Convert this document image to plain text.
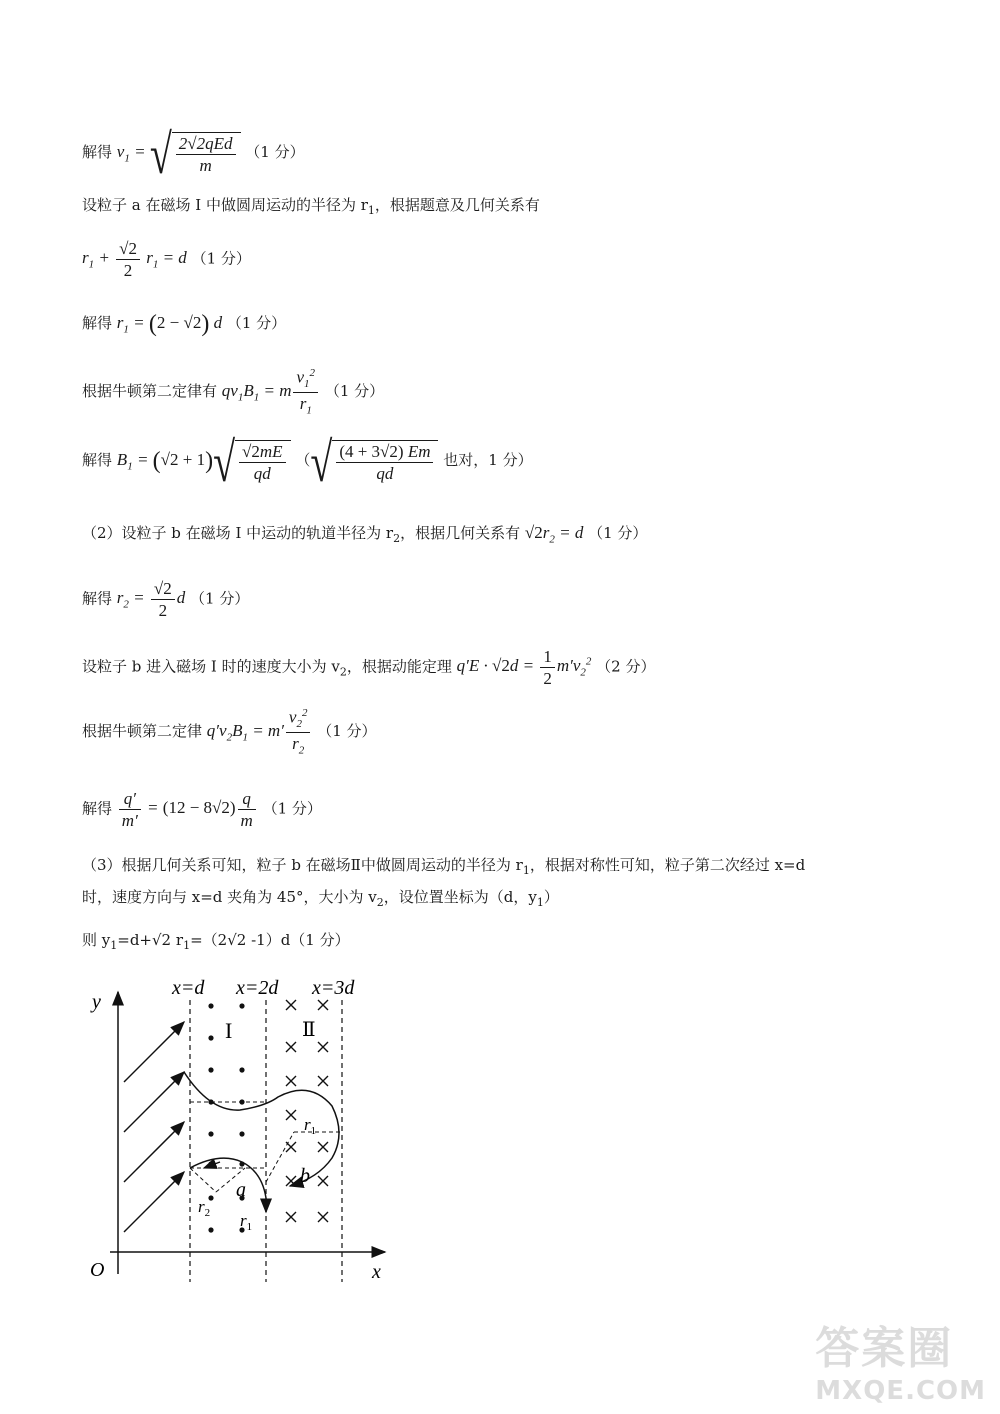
解得 $v_1$ = √ $\frac{\text{2√2qEd}}{m} (1$ 分）
设粒子 a 在磁场 I 中做圆周运动的半径为 $r_1$，根据题意及几何关系有
$r_1 + \frac{√2}{2} r_1 = d$ （1 分）
解得 $r_1 = (2 - √2)$ d （1 分）
根据牛顿第二定律有 $qv_1B_1 = m \frac{v_1^2}{r_1} (1$ 分）
解得 $B_1 = (√2 + 1)√ \frac{√2mE}{qd}$ （√ $\frac{(4 + 3√2) Em}{qd}$ 也对，1 分）
（2）设粒子 b 在磁场 I 中运动的轨道半径为 $r_2$，根据几何关系有 $√2r_2 = d$ （1 分）
解得 $r_2 = \frac{√2}{2}$ d （1 分）
设粒子 b 进入磁场 I 时的速度大小为 $v_2$，根据动能定理 $q'E \cdot √2d = \frac{1}{2} m'v_2^2$ （2 分）
根据牛顿第二定律 $q'v_2B_1 = m' \frac{v_2^2}{r_2} (1$ 分）
解得 $\frac{q'}{m'} = (12 - 8√2) \frac{q}{m} (1$ 分）
（3）根据几何关系可知，粒子 b 在磁场Ⅱ中做圆周运动的半径为 $r_1$，根据对称性可知，粒子第二次经过 x=d
时，速度方向与 x=d 夹角为 45°，大小为 $v_2$，设位置坐标为（d，$y_1$）
则 $y_1=d+√2$ $r_1=(2√2$ -1）d（1 分）
y
x
O
x=d x=2d x=3d
I	Ⅱ
a
b
$r_1$
$r_1$
$r_2$
答案圈
MXQE.COM
